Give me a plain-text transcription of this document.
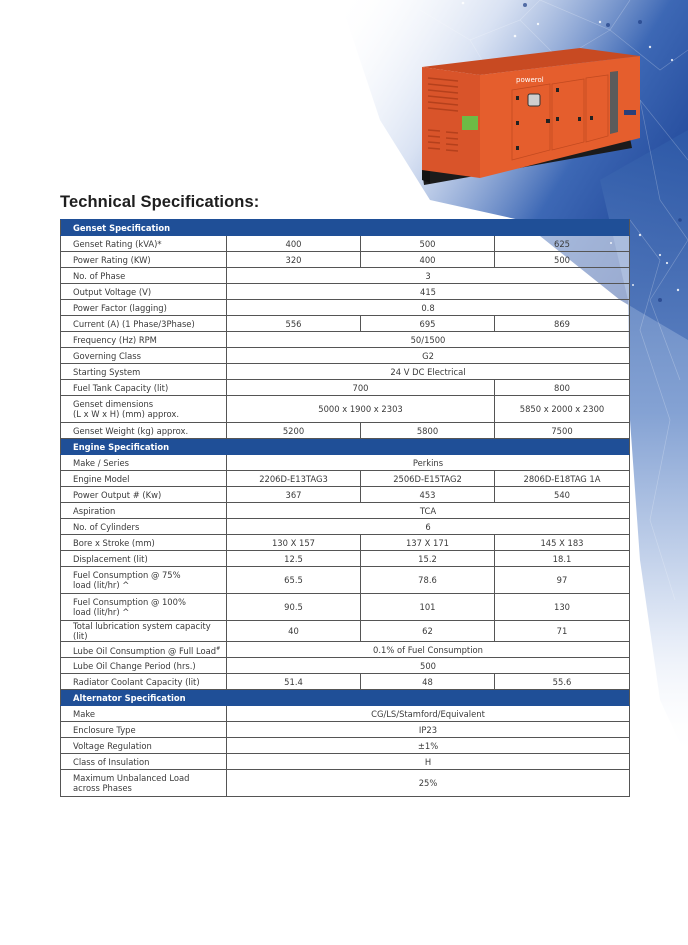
powerol
Technical Specifications:
Genset Specification			
Genset Rating (kVA)*	400	500	625
Power Rating (KW)	320	400	500
No. of Phase	3		
Output Voltage (V)	415		
Power Factor (lagging)	0.8		
Current (A) (1 Phase/3Phase)	556	695	869
Frequency (Hz) RPM	50/1500		
Governing Class	G2		
Starting System	24 V DC Electrical		
Fuel Tank Capacity (lit)	700		800
Genset dimensions
(L x W x H) (mm) approx.	5000 x 1900 x 2303		5850 x 2000 x 2300
Genset Weight (kg) approx.	5200	5800	7500
Engine Specification			
Make / Series	Perkins		
Engine Model	2206D-E13TAG3	2506D-E15TAG2	2806D-E18TAG 1A
Power Output # (Kw)	367	453	540
Aspiration	TCA		
No. of Cylinders	6		
Bore x Stroke (mm)	130 X 157	137 X 171	145 X 183
Displacement (lit)	12.5	15.2	18.1
Fuel Consumption @ 75%
load (lit/hr) ^	65.5	78.6	97
Fuel Consumption @ 100%
load (lit/hr) ^	90.5	101	130
Total lubrication system capacity (lit)	40	62	71
Lube Oil Consumption @ Full Load#	0.1% of Fuel Consumption		
Lube Oil Change Period (hrs.)	500		
Radiator Coolant Capacity (lit)	51.4	48	55.6
Alternator Specification			
Make	CG/LS/Stamford/Equivalent		
Enclosure Type	IP23		
Voltage Regulation	±1%		
Class of Insulation	H		
Maximum Unbalanced Load
across Phases	25%		
